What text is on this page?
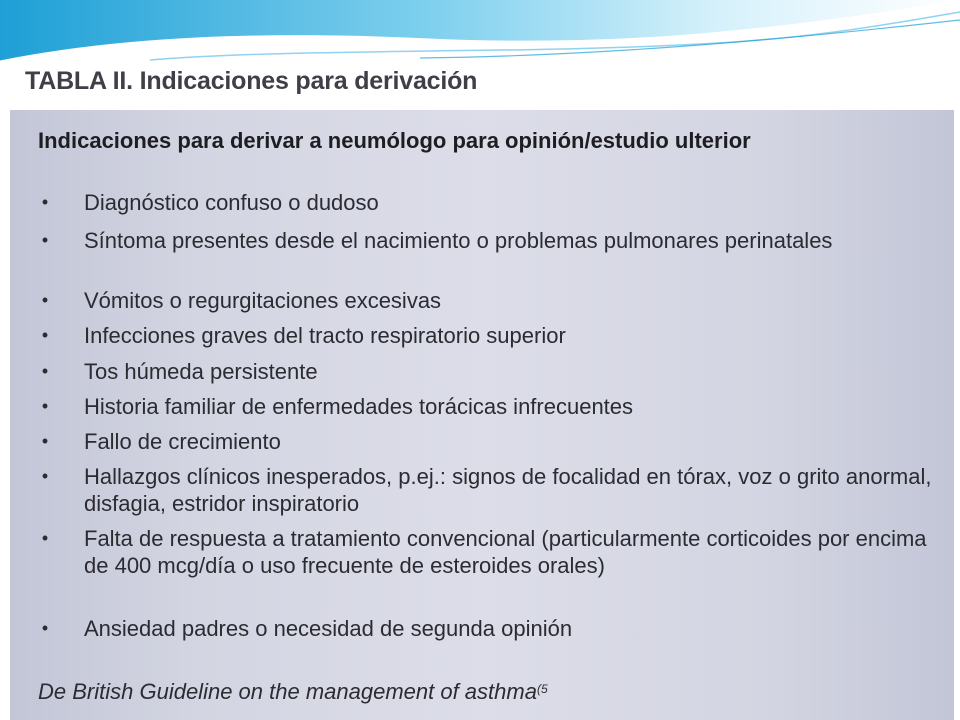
TABLA II. Indicaciones para derivación
Indicaciones para derivar a neumólogo para opinión/estudio ulterior
• Diagnóstico confuso o dudoso
• Síntoma presentes desde el nacimiento o problemas pulmonares perinatales
• Vómitos o regurgitaciones excesivas
• Infecciones graves del tracto respiratorio superior
• Tos húmeda persistente
• Historia familiar de enfermedades torácicas infrecuentes
• Fallo de crecimiento
• Hallazgos clínicos inesperados, p.ej.: signos de focalidad en tórax, voz o grito anormal, disfagia, estridor inspiratorio
• Falta de respuesta a tratamiento convencional (particularmente corticoides por encima de 400 mcg/día o uso frecuente de esteroides orales)
• Ansiedad padres o necesidad de segunda opinión

De British Guideline on the management of asthma$^{(5}$
